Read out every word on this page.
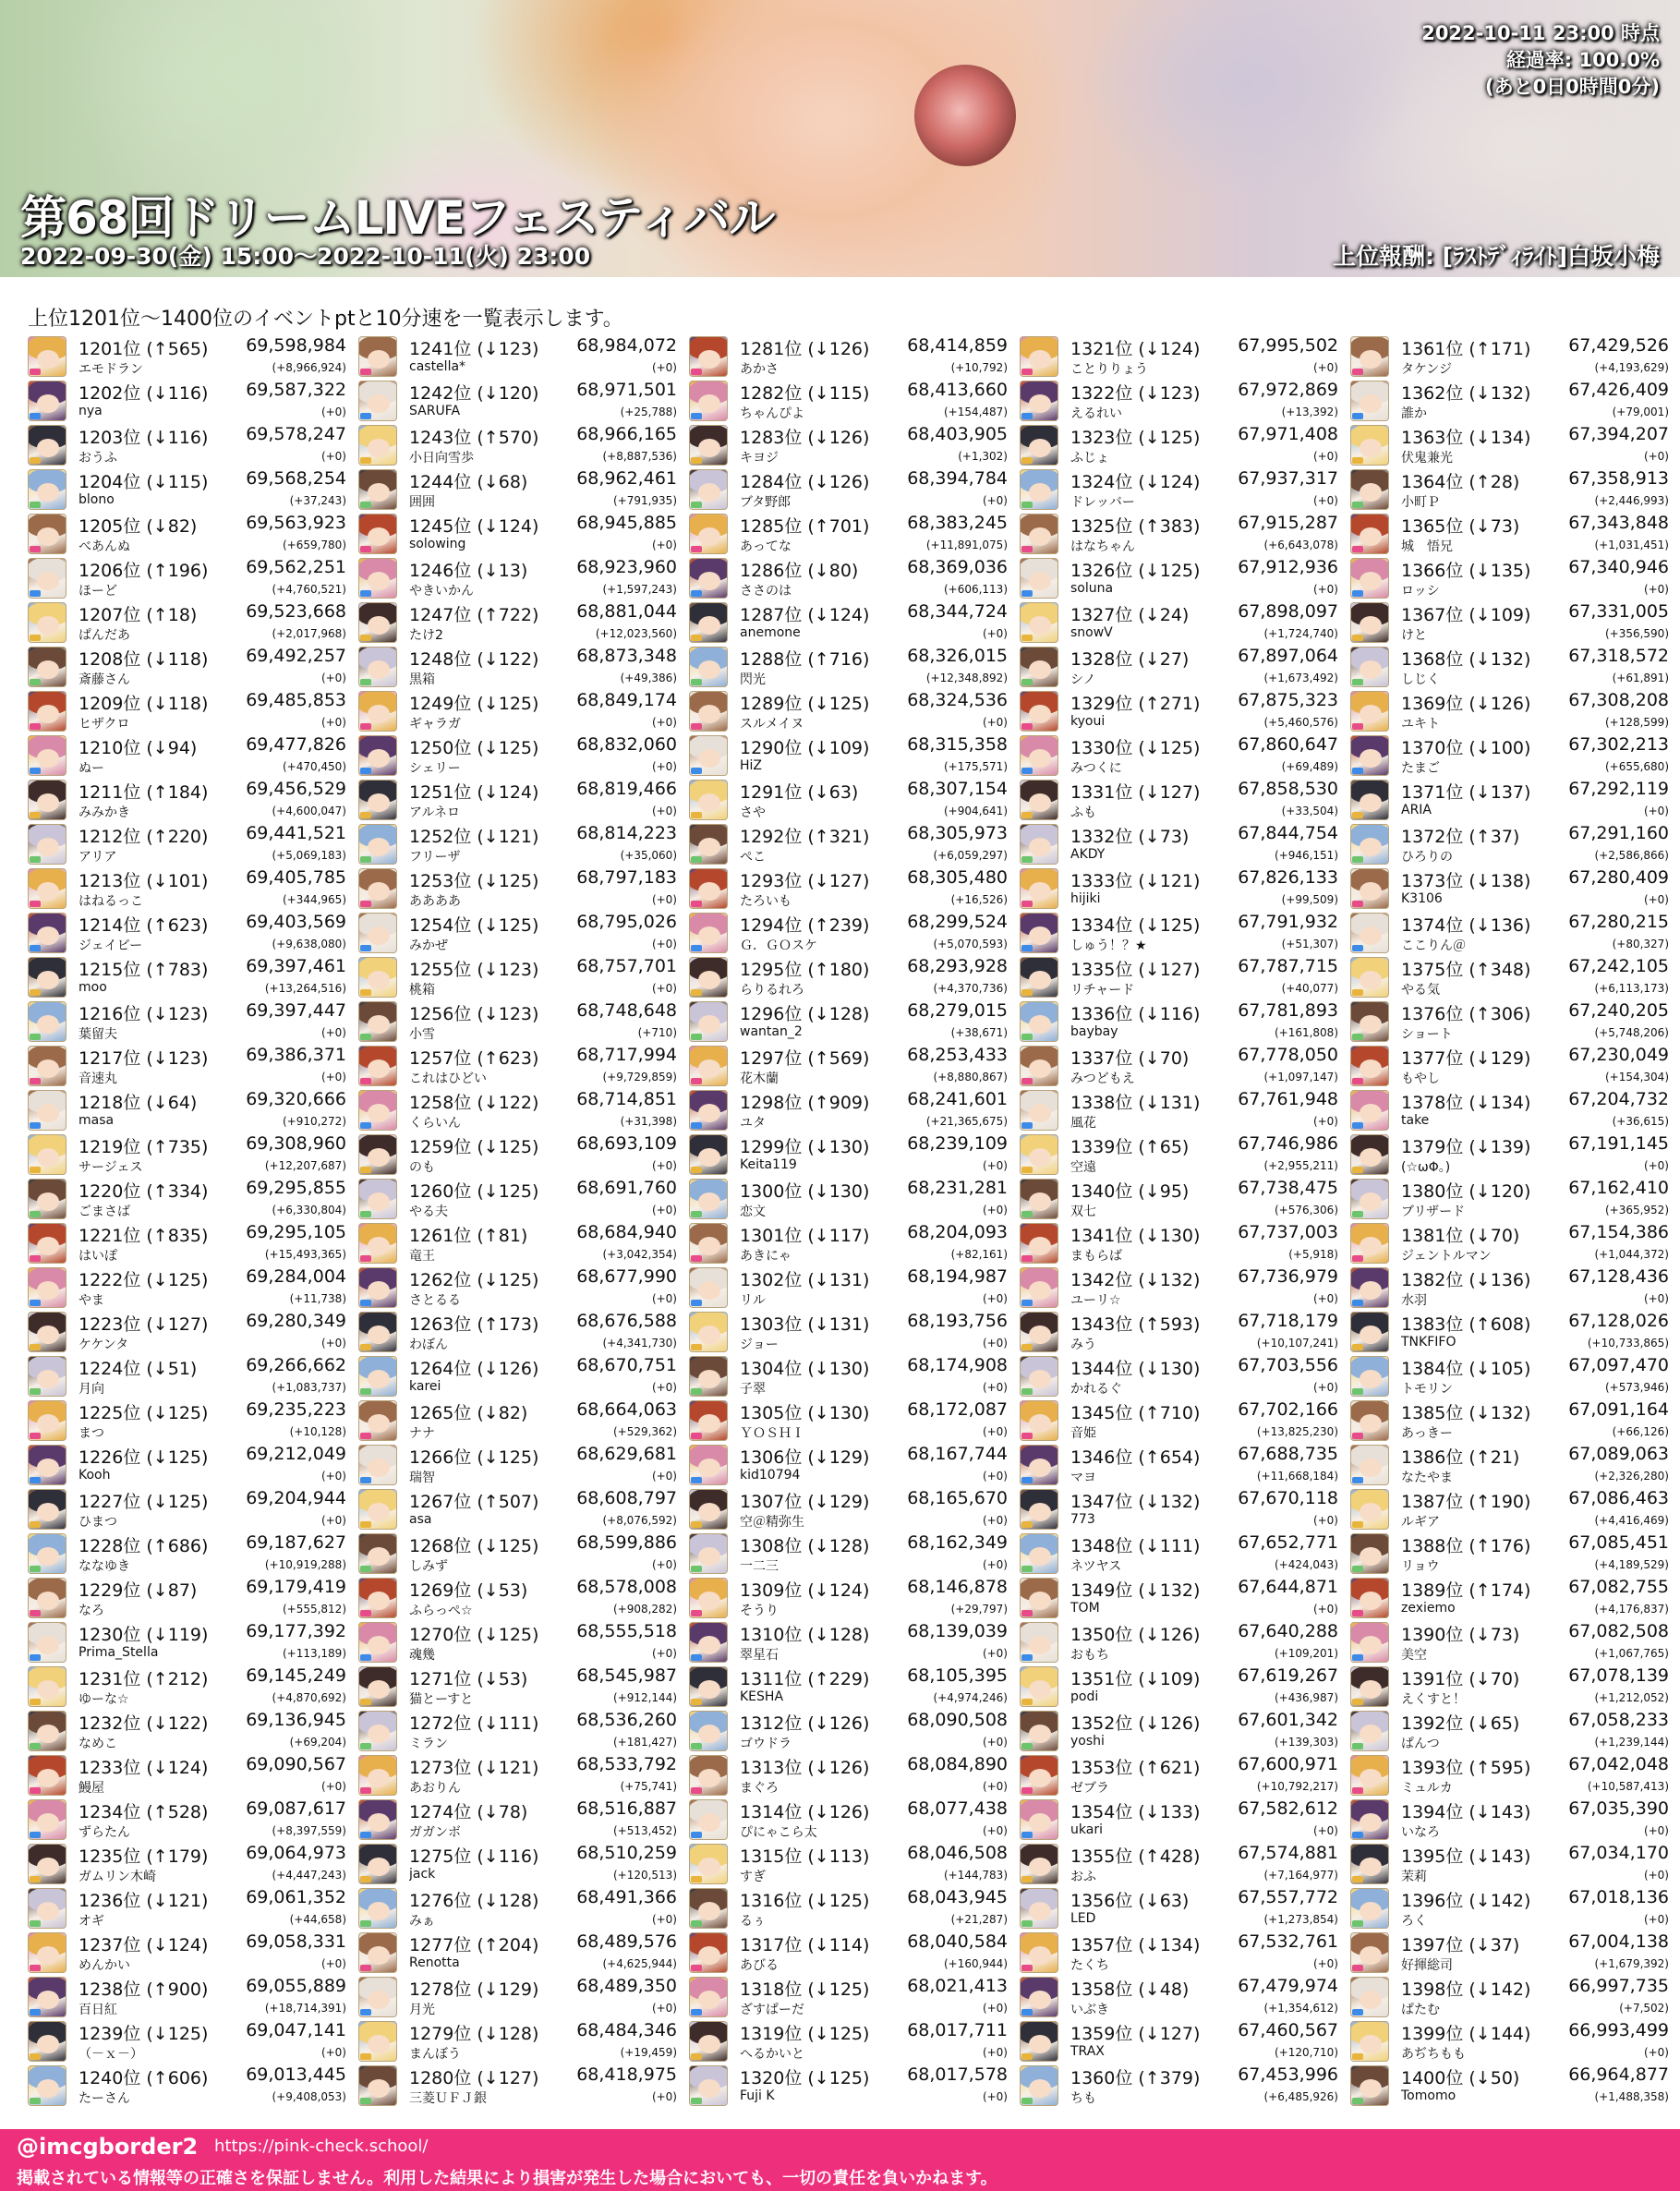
2022-10-11 23:00 時点
経過率: 100.0%
(あと0日0時間0分)
第68回ドリームLIVEフェスティバル
2022-09-30(金) 15:00〜2022-10-11(火) 23:00	上位報酬: [ﾗｽﾄﾃﾞｨﾗｲﾄ]白坂小梅
上位1201位〜1400位のイベントptと10分速を一覧表示します。
1201位 (↑565) 69,598,984
エモドラン	(+8,966,924)
1202位 (↓116) 69,587,322
nya	(+0)
1203位 (↓116) 69,578,247
おうふ	(+0)
1204位 (↓115) 69,568,254
blono	(+37,243)
1205位 (↓82)	69,563,923
べあんぬ	(+659,780)
1206位 (↑196) 69,562,251
ほーど	(+4,760,521)
1207位 (↑18)	69,523,668
ぱんだあ	(+2,017,968)
1208位 (↓118) 69,492,257
斎藤さん	(+0)
1209位 (↓118) 69,485,853
ヒザクロ	(+0)
1210位 (↓94)	69,477,826
ぬー	(+470,450)
1211位 (↑184) 69,456,529
みみかき	(+4,600,047)
1212位 (↑220) 69,441,521
アリア	(+5,069,183)
1213位 (↓101) 69,405,785
はねるっこ	(+344,965)
1214位 (↑623) 69,403,569
ジェイビー	(+9,638,080)
1215位 (↑783) 69,397,461
moo	(+13,264,516)
1216位 (↓123) 69,397,447
葉留夫	(+0)
1217位 (↓123) 69,386,371
音速丸	(+0)
1218位 (↓64)	69,320,666
masa	(+910,272)
1219位 (↑735) 69,308,960
サージェス	(+12,207,687)
1220位 (↑334) 69,295,855
ごまさば	(+6,330,804)
1221位 (↑835) 69,295,105
はいぽ	(+15,493,365)
1222位 (↓125) 69,284,004
やま	(+11,738)
1223位 (↓127) 69,280,349
ケケンタ	(+0)
1224位 (↓51)	69,266,662
月向	(+1,083,737)
1225位 (↓125) 69,235,223
まつ	(+10,128)
1226位 (↓125) 69,212,049
Kooh	(+0)
1227位 (↓125) 69,204,944
ひまつ	(+0)
1228位 (↑686) 69,187,627
ななゆき	(+10,919,288)
1229位 (↓87)	69,179,419
なろ	(+555,812)
1230位 (↓119) 69,177,392
Prima_Stella	(+113,189)
1231位 (↑212) 69,145,249
ゆーな☆	(+4,870,692)
1232位 (↓122) 69,136,945
なめこ	(+69,204)
1233位 (↓124) 69,090,567
鰻屋	(+0)
1234位 (↑528) 69,087,617
ずらたん	(+8,397,559)
1235位 (↑179) 69,064,973
ガムリン木崎	(+4,447,243)
1236位 (↓121) 69,061,352
オギ	(+44,658)
1237位 (↓124) 69,058,331
めんかい	(+0)
1238位 (↑900) 69,055,889
百日紅	(+18,714,391)
1239位 (↓125) 69,047,141
（－ｘ－）	(+0)
1240位 (↑606) 69,013,445
たーさん	(+9,408,053)
1241位 (↓123) 68,984,072
castella*	(+0)
1242位 (↓120) 68,971,501
SARUFA	(+25,788)
1243位 (↑570) 68,966,165
小日向雪歩	(+8,887,536)
1244位 (↓68)	68,962,461
囲囲	(+791,935)
1245位 (↓124) 68,945,885
solowing	(+0)
1246位 (↓13)	68,923,960
やきいかん	(+1,597,243)
1247位 (↑722) 68,881,044
たけ2	(+12,023,560)
1248位 (↓122) 68,873,348
黒箱	(+49,386)
1249位 (↓125) 68,849,174
ギャラガ	(+0)
1250位 (↓125) 68,832,060
シェリー	(+0)
1251位 (↓124) 68,819,466
アルネロ	(+0)
1252位 (↓121) 68,814,223
フリーザ	(+35,060)
1253位 (↓125) 68,797,183
ああああ	(+0)
1254位 (↓125) 68,795,026
みかぜ	(+0)
1255位 (↓123) 68,757,701
桃箱	(+0)
1256位 (↓123) 68,748,648
小雪	(+710)
1257位 (↑623) 68,717,994
これはひどい	(+9,729,859)
1258位 (↓122) 68,714,851
くらいん	(+31,398)
1259位 (↓125) 68,693,109
のも	(+0)
1260位 (↓125) 68,691,760
やる夫	(+0)
1261位 (↑81)	68,684,940
竜王	(+3,042,354)
1262位 (↓125) 68,677,990
さとるる	(+0)
1263位 (↑173) 68,676,588
わぼん	(+4,341,730)
1264位 (↓126) 68,670,751
karei	(+0)
1265位 (↓82)	68,664,063
ナナ	(+529,362)
1266位 (↓125) 68,629,681
瑞智	(+0)
1267位 (↑507) 68,608,797
asa	(+8,076,592)
1268位 (↓125) 68,599,886
しみず	(+0)
1269位 (↓53)	68,578,008
ふらっぺ☆	(+908,282)
1270位 (↓125) 68,555,518
魂幾	(+0)
1271位 (↓53)	68,545,987
猫とーすと	(+912,144)
1272位 (↓111) 68,536,260
ミラン	(+181,427)
1273位 (↓121) 68,533,792
あおりん	(+75,741)
1274位 (↓78)	68,516,887
ガガンボ	(+513,452)
1275位 (↓116) 68,510,259
jack	(+120,513)
1276位 (↓128) 68,491,366
みぁ	(+0)
1277位 (↑204) 68,489,576
Renotta	(+4,625,944)
1278位 (↓129) 68,489,350
月光	(+0)
1279位 (↓128) 68,484,346
まんぼう	(+19,459)
1280位 (↓127) 68,418,975
三菱ＵＦＪ銀	(+0)
1281位 (↓126) 68,414,859
あかさ	(+10,792)
1282位 (↓115) 68,413,660
ちゃんぴよ	(+154,487)
1283位 (↓126) 68,403,905
キヨジ	(+1,302)
1284位 (↓126) 68,394,784
ブタ野郎	(+0)
1285位 (↑701) 68,383,245
あってな	(+11,891,075)
1286位 (↓80)	68,369,036
ささのは	(+606,113)
1287位 (↓124) 68,344,724
anemone	(+0)
1288位 (↑716) 68,326,015
閃光	(+12,348,892)
1289位 (↓125) 68,324,536
スルメイヌ	(+0)
1290位 (↓109) 68,315,358
HiZ	(+175,571)
1291位 (↓63)	68,307,154
さや	(+904,641)
1292位 (↑321) 68,305,973
ぺこ	(+6,059,297)
1293位 (↓127) 68,305,480
たろいも	(+16,526)
1294位 (↑239) 68,299,524
Ｇ．ＧＯスケ	(+5,070,593)
1295位 (↑180) 68,293,928
らりるれろ	(+4,370,736)
1296位 (↓128) 68,279,015
wantan_2	(+38,671)
1297位 (↑569) 68,253,433
花木蘭	(+8,880,867)
1298位 (↑909) 68,241,601
ユタ	(+21,365,675)
1299位 (↓130) 68,239,109
Keita119	(+0)
1300位 (↓130) 68,231,281
恋文	(+0)
1301位 (↓117) 68,204,093
あきにゃ	(+82,161)
1302位 (↓131) 68,194,987
リル	(+0)
1303位 (↓131) 68,193,756
ジョー	(+0)
1304位 (↓130) 68,174,908
子翠	(+0)
1305位 (↓130) 68,172,087
ＹＯＳＨＩ	(+0)
1306位 (↓129) 68,167,744
kid10794	(+0)
1307位 (↓129) 68,165,670
空＠精弥生	(+0)
1308位 (↓128) 68,162,349
一二三	(+0)
1309位 (↓124) 68,146,878
そうり	(+29,797)
1310位 (↓128) 68,139,039
翠星石	(+0)
1311位 (↑229) 68,105,395
KESHA	(+4,974,246)
1312位 (↓126) 68,090,508
ゴウドラ	(+0)
1313位 (↓126) 68,084,890
まぐろ	(+0)
1314位 (↓126) 68,077,438
ぴにゃこら太	(+0)
1315位 (↓113) 68,046,508
すぎ	(+144,783)
1316位 (↓125) 68,043,945
るぅ	(+21,287)
1317位 (↓114) 68,040,584
あびる	(+160,944)
1318位 (↓125) 68,021,413
ざすぱーだ	(+0)
1319位 (↓125) 68,017,711
へるかいと	(+0)
1320位 (↓125) 68,017,578
Fuji K	(+0)
1321位 (↓124) 67,995,502
ことりりょう	(+0)
1322位 (↓123) 67,972,869
えるれい	(+13,392)
1323位 (↓125) 67,971,408
ふじょ	(+0)
1324位 (↓124) 67,937,317
ドレッバー	(+0)
1325位 (↑383) 67,915,287
はなちゃん	(+6,643,078)
1326位 (↓125) 67,912,936
soluna	(+0)
1327位 (↓24)	67,898,097
snowV	(+1,724,740)
1328位 (↓27)	67,897,064
シノ	(+1,673,492)
1329位 (↑271) 67,875,323
kyoui	(+5,460,576)
1330位 (↓125) 67,860,647
みつくに	(+69,489)
1331位 (↓127) 67,858,530
ふも	(+33,504)
1332位 (↓73)	67,844,754
AKDY	(+946,151)
1333位 (↓121) 67,826,133
hijiki	(+99,509)
1334位 (↓125) 67,791,932
しゅう！？★	(+51,307)
1335位 (↓127) 67,787,715
リチャード	(+40,077)
1336位 (↓116) 67,781,893
baybay	(+161,808)
1337位 (↓70)	67,778,050
みつどもえ	(+1,097,147)
1338位 (↓131) 67,761,948
風花	(+0)
1339位 (↑65)	67,746,986
空遠	(+2,955,211)
1340位 (↓95)	67,738,475
双七	(+576,306)
1341位 (↓130) 67,737,003
まもらば	(+5,918)
1342位 (↓132) 67,736,979
ユーリ☆	(+0)
1343位 (↑593) 67,718,179
みう	(+10,107,241)
1344位 (↓130) 67,703,556
かれるぐ	(+0)
1345位 (↑710) 67,702,166
音姫	(+13,825,230)
1346位 (↑654) 67,688,735
マヨ	(+11,668,184)
1347位 (↓132) 67,670,118
773	(+0)
1348位 (↓111) 67,652,771
ネツヤス	(+424,043)
1349位 (↓132) 67,644,871
TOM	(+0)
1350位 (↓126) 67,640,288
おもち	(+109,201)
1351位 (↓109) 67,619,267
podi	(+436,987)
1352位 (↓126) 67,601,342
yoshi	(+139,303)
1353位 (↑621) 67,600,971
ゼブラ	(+10,792,217)
1354位 (↓133) 67,582,612
ukari	(+0)
1355位 (↑428) 67,574,881
おふ	(+7,164,977)
1356位 (↓63)	67,557,772
LED	(+1,273,854)
1357位 (↓134) 67,532,761
たくち	(+0)
1358位 (↓48)	67,479,974
いぶき	(+1,354,612)
1359位 (↓127) 67,460,567
TRAX	(+120,710)
1360位 (↑379) 67,453,996
ちも	(+6,485,926)
1361位 (↑171) 67,429,526
タケンジ	(+4,193,629)
1362位 (↓132) 67,426,409
誰か	(+79,001)
1363位 (↓134) 67,394,207
伏鬼兼光	(+0)
1364位 (↑28)	67,358,913
小町Ｐ	(+2,446,993)
1365位 (↓73)	67,343,848
城　悟兄	(+1,031,451)
1366位 (↓135) 67,340,946
ロッシ	(+0)
1367位 (↓109) 67,331,005
けと	(+356,590)
1368位 (↓132) 67,318,572
しじく	(+61,891)
1369位 (↓126) 67,308,208
ユキト	(+128,599)
1370位 (↓100) 67,302,213
たまご	(+655,680)
1371位 (↓137) 67,292,119
ARIA	(+0)
1372位 (↑37)	67,291,160
ひろりの	(+2,586,866)
1373位 (↓138) 67,280,409
K3106	(+0)
1374位 (↓136) 67,280,215
ここりん＠	(+80,327)
1375位 (↑348) 67,242,105
やる気	(+6,113,173)
1376位 (↑306) 67,240,205
ショート	(+5,748,206)
1377位 (↓129) 67,230,049
もやし	(+154,304)
1378位 (↓134) 67,204,732
take	(+36,615)
1379位 (↓139) 67,191,145
(☆ωΦ。)	(+0)
1380位 (↓120) 67,162,410
ブリザード	(+365,952)
1381位 (↓70)	67,154,386
ジェントルマン	(+1,044,372)
1382位 (↓136) 67,128,436
水羽	(+0)
1383位 (↑608) 67,128,026
TNKFIFO	(+10,733,865)
1384位 (↓105) 67,097,470
トモリン	(+573,946)
1385位 (↓132) 67,091,164
あっきー	(+66,126)
1386位 (↑21)	67,089,063
なたやま	(+2,326,280)
1387位 (↑190) 67,086,463
ルギア	(+4,416,469)
1388位 (↑176) 67,085,451
リョウ	(+4,189,529)
1389位 (↑174) 67,082,755
zexiemo	(+4,176,837)
1390位 (↓73)	67,082,508
美空	(+1,067,765)
1391位 (↓70)	67,078,139
えくすと！	(+1,212,052)
1392位 (↓65)	67,058,233
ぱんつ	(+1,239,144)
1393位 (↑595) 67,042,048
ミュルカ	(+10,587,413)
1394位 (↓143) 67,035,390
いなろ	(+0)
1395位 (↓143) 67,034,170
茉莉	(+0)
1396位 (↓142) 67,018,136
ろく	(+0)
1397位 (↓37)	67,004,138
好揮総司	(+1,679,392)
1398位 (↓142) 66,997,735
ぱたむ	(+7,502)
1399位 (↓144) 66,993,499
あぢちもも	(+0)
1400位 (↓50)	66,964,877
Tomomo	(+1,488,358)
@imcgborder2 https://pink-check.school/
掲載されている情報等の正確さを保証しません。利用した結果により損害が発生した場合においても、一切の責任を負いかねます。
